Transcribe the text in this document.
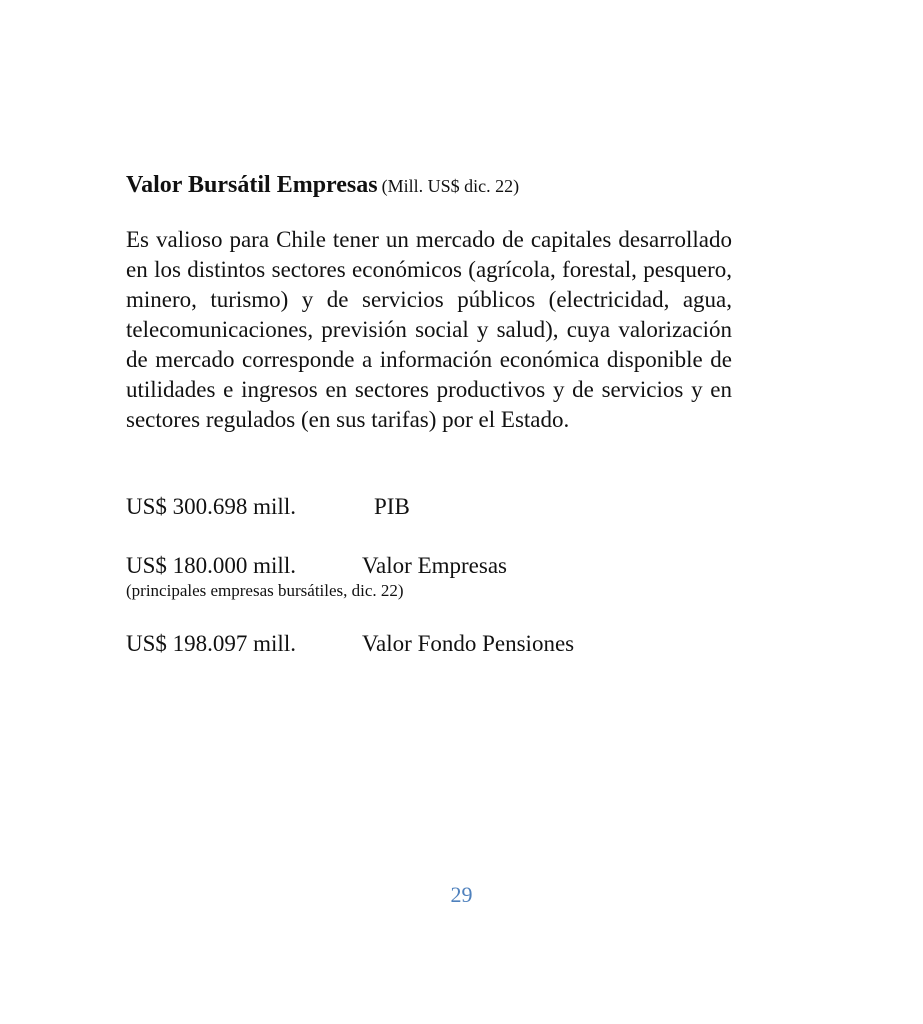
Valor Bursátil Empresas (Mill. US$ dic. 22)

Es valioso para Chile tener un mercado de capitales desarrollado en los distintos sectores económicos (agrícola, forestal, pesquero, minero, turismo) y de servicios públicos (electricidad, agua, telecomunicaciones, previsión social y salud), cuya valorización de mercado corresponde a información económica disponible de utilidades e ingresos en sectores productivos y de servicios y en sectores regulados (en sus tarifas) por el Estado.

US$ 300.698 mill.	PIB
US$ 180.000 mill.	Valor Empresas
(principales empresas bursátiles, dic. 22)
US$ 198.097 mill.	Valor Fondo Pensiones
29
